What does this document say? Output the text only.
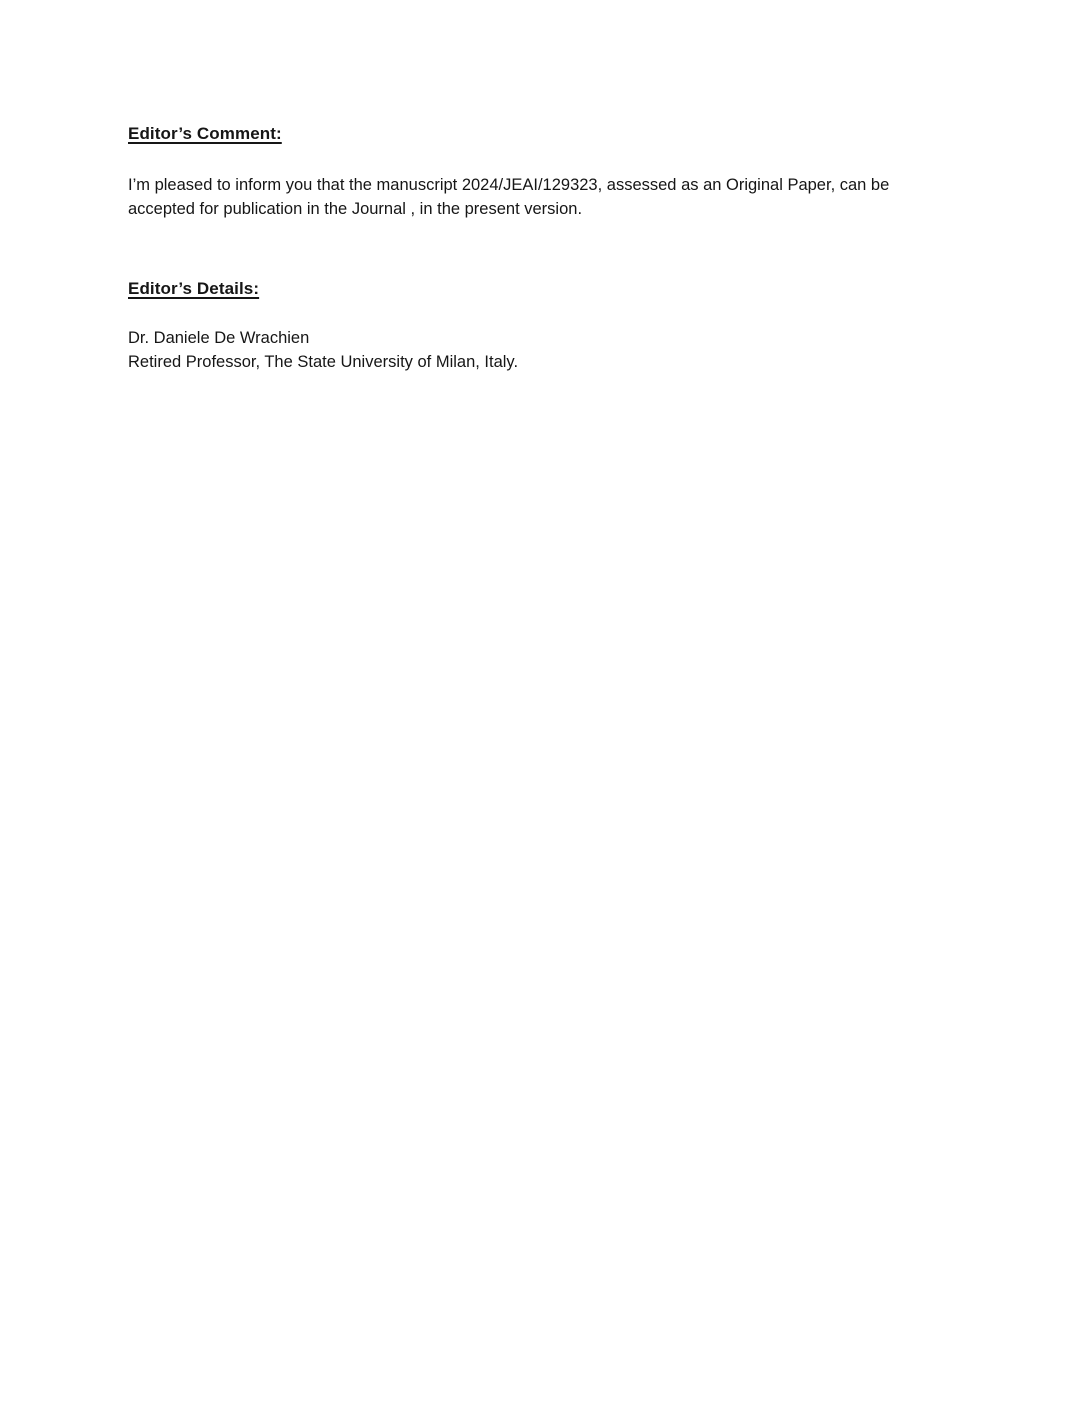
Editor’s Comment:

I’m pleased to inform you that the manuscript 2024/JEAI/129323, assessed as an Original Paper, can be
accepted for publication in the Journal , in the present version.

Editor’s Details:

Dr. Daniele De Wrachien
Retired Professor, The State University of Milan, Italy.
